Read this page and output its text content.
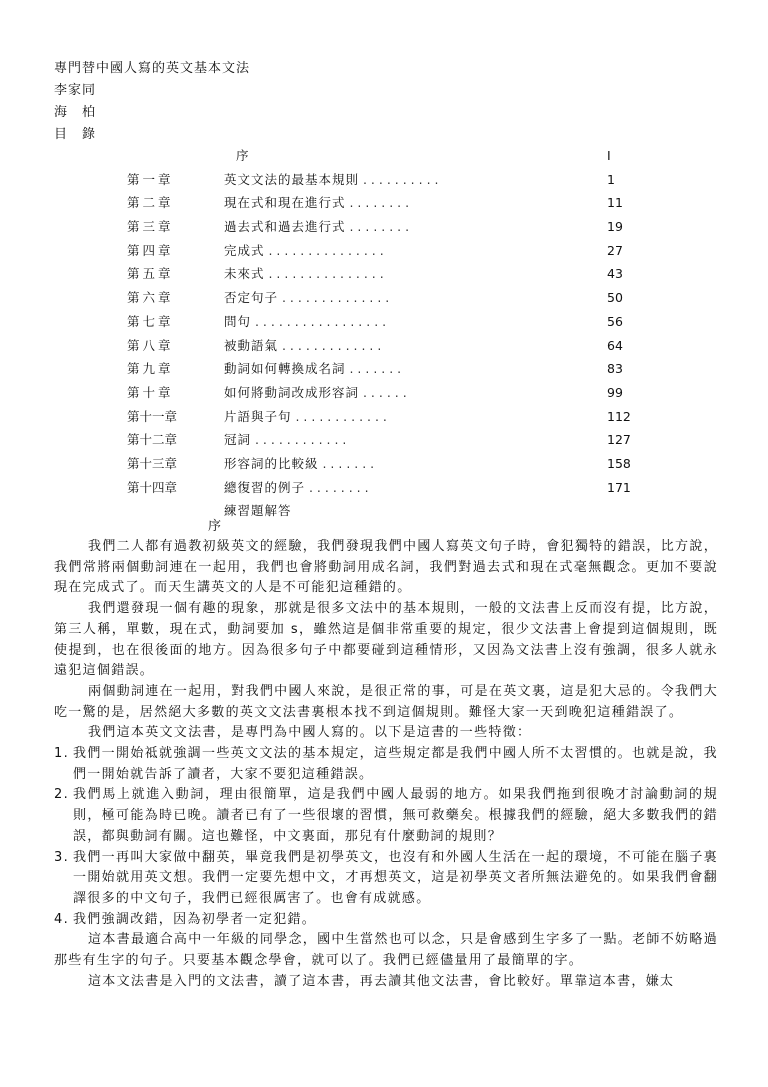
專門替中國人寫的英文基本文法
李家同
海　柏
目　錄
序	I
第一章	英文文法的最基本規則 . . . . . . . . . .	1
第二章	現在式和現在進行式 . . . . . . . .	11
第三章	過去式和過去進行式 . . . . . . . .	19
第四章	完成式 . . . . . . . . . . . . . . .	27
第五章	未來式 . . . . . . . . . . . . . . .	43
第六章	否定句子 . . . . . . . . . . . . . .	50
第七章	問句 . . . . . . . . . . . . . . . . .	56
第八章	被動語氣 . . . . . . . . . . . . .	64
第九章	動詞如何轉換成名詞 . . . . . . .	83
第十章	如何將動詞改成形容詞 . . . . . .	99
第十一章	片語與子句 . . . . . . . . . . . .	112
第十二章	冠詞 . . . . . . . . . . . .	127
第十三章	形容詞的比較級 . . . . . . .	158
第十四章	總復習的例子 . . . . . . . .	171
練習題解答
序

我們二人都有過教初級英文的經驗，我們發現我們中國人寫英文句子時，會犯獨特的錯誤，比方說，我們常將兩個動詞連在一起用，我們也會將動詞用成名詞，我們對過去式和現在式毫無觀念。更加不要說現在完成式了。而天生講英文的人是不可能犯這種錯的。

我們還發現一個有趣的現象，那就是很多文法中的基本規則，一般的文法書上反而沒有提，比方說，第三人稱，單數，現在式，動詞要加 s，雖然這是個非常重要的規定，很少文法書上會提到這個規則，既使提到，也在很後面的地方。因為很多句子中都要碰到這種情形，又因為文法書上沒有強調，很多人就永遠犯這個錯誤。

兩個動詞連在一起用，對我們中國人來說，是很正常的事，可是在英文裏，這是犯大忌的。令我們大吃一驚的是，居然絕大多數的英文文法書裏根本找不到這個規則。難怪大家一天到晚犯這種錯誤了。

我們這本英文文法書，是專門為中國人寫的。以下是這書的一些特徵：

1. 我們一開始祗就強調一些英文文法的基本規定，這些規定都是我們中國人所不太習慣的。也就是說，我們一開始就告訴了讀者，大家不要犯這種錯誤。
2. 我們馬上就進入動詞，理由很簡單，這是我們中國人最弱的地方。如果我們拖到很晚才討論動詞的規則，極可能為時已晚。讀者已有了一些很壞的習慣，無可救藥矣。根據我們的經驗，絕大多數我們的錯誤，都與動詞有關。這也難怪，中文裏面，那兒有什麼動詞的規則？
3. 我們一再叫大家做中翻英，畢竟我們是初學英文，也沒有和外國人生活在一起的環境，不可能在腦子裏一開始就用英文想。我們一定要先想中文，才再想英文，這是初學英文者所無法避免的。如果我們會翻譯很多的中文句子，我們已經很厲害了。也會有成就感。
4. 我們強調改錯，因為初學者一定犯錯。

這本書最適合高中一年級的同學念，國中生當然也可以念，只是會感到生字多了一點。老師不妨略過那些有生字的句子。只要基本觀念學會，就可以了。我們已經儘量用了最簡單的字。

這本文法書是入門的文法書，讀了這本書，再去讀其他文法書，會比較好。單靠這本書，嫌太
